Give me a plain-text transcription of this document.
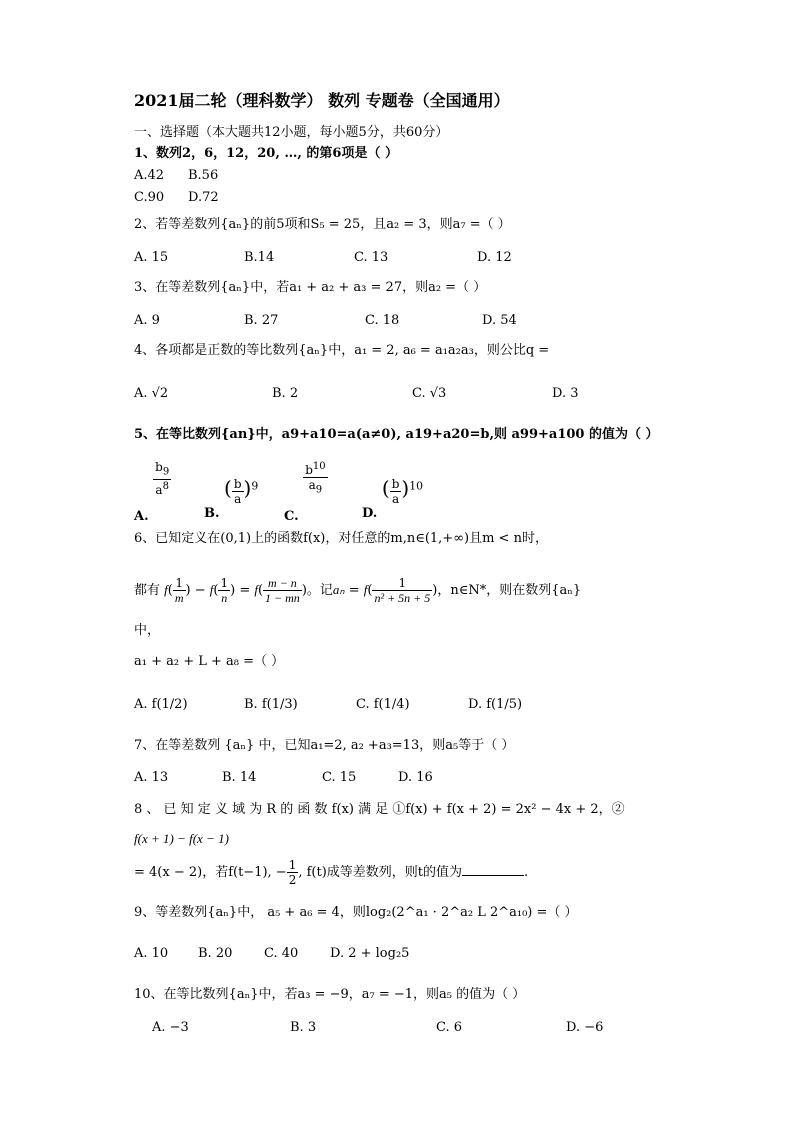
2021届二轮（理科数学） 数列 专题卷（全国通用）
一、选择题（本大题共12小题，每小题5分，共60分）
1、数列2，6，12，20, …, 的第6项是（ ）
A.42 B.56
C.90 D.72
2、若等差数列{aₙ}的前5项和S₅ = 25，且a₂ = 3，则a₇ =（ ）
A. 15	B.14	C. 13	D. 12
3、在等差数列{aₙ}中，若a₁ + a₂ + a₃ = 27，则a₂ =（ ）
A. 9	B. 27	C. 18	D. 54
4、各项都是正数的等比数列{aₙ}中，a₁ = 2, a₆ = a₁a₂a₃，则公比q =
A. √2	B. 2	C. √3	D. 3
5、在等比数列{an}中，a9+a10=a(a≠0), a19+a20=b,则 a99+a100 的值为（ ）
A.
$\frac{b_9}{a^8}$
B. ( $\frac{b}{a} )^9$
C.
$\frac{b^{10}}{a_9}$
D. ( $\frac{b}{a} )^{10}$
6、已知定义在(0,1)上的函数f(x)，对任意的m,n∈(1,+∞)且m < n时，
都有 $f( \frac{1}{m}$ ) − $f( \frac{1}{n}$ ) = $f( \frac{m - n}{1 - mn}$ )。记$a_n = f( \frac{1}{\text{n² + 5n + 5}}$ )，n∈N*，则在数列{aₙ}
中，
a₁ + a₂ + L + a₈ =（ ）
A. f(1/2)	B. f(1/3)	C. f(1/4)	D. f(1/5)
7、在等差数列 {aₙ} 中，已知a₁=2, a₂ +a₃=13，则a₅等于（ ）
A. 13	B. 14	C. 15	D. 16
8 、 已 知 定 义 域 为 R 的 函 数 f(x) 满 足 ①f(x) + f(x + 2) = 2x² − 4x + 2，②
f(x + 1) − f(x − 1)
= 4(x − 2)，若f(t−1), − $\frac{1}{2}$ , f(t)成等差数列，则t的值为	.
9、等差数列{aₙ}中， a₅ + a₆ = 4，则log₂(2^a₁ · 2^a₂ L 2^a₁₀) =（ ）
A. 10 B. 20 C. 40 D. 2 + log₂5
10、在等比数列{aₙ}中，若a₃ = −9，a₇ = −1，则a₅ 的值为（ ）
A. −3	B. 3	C. 6	D. −6
